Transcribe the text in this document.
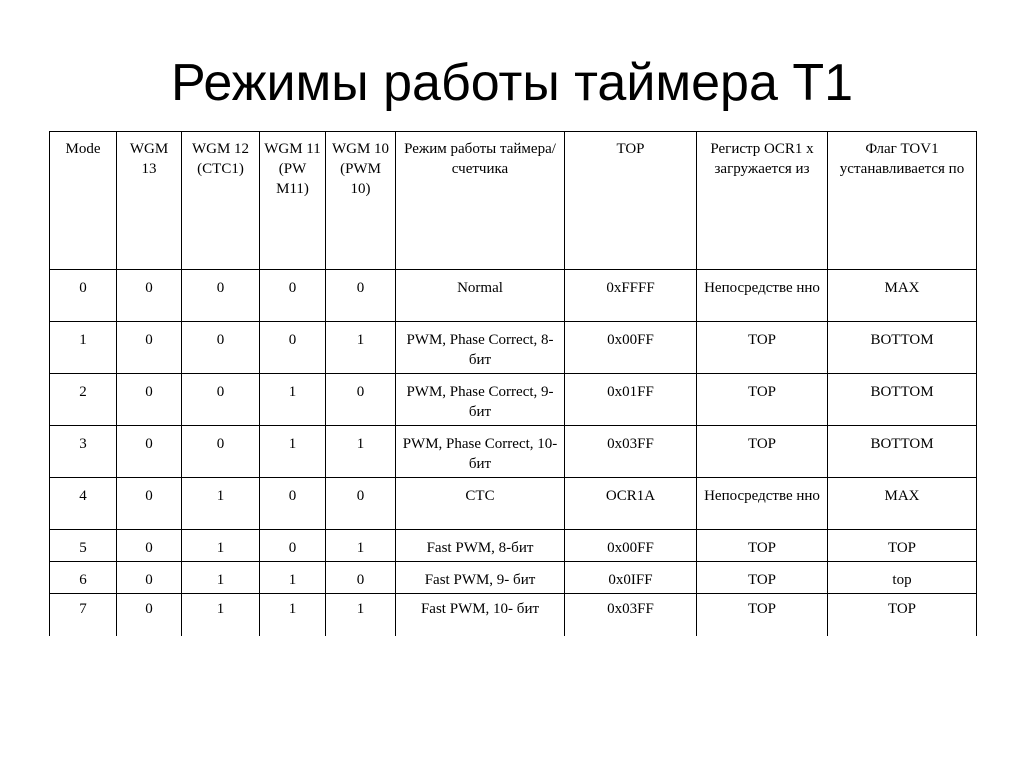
Режимы работы таймера Т1
Mode	WGM 13	WGM 12 (CTC1)	WGM 11 (PW M11)	WGM 10 (PWM 10)	Режим работы таймера/ счетчика	TOP	Регистр OCR1 x загружается из	Флаг TOV1 устанавливается по

0	0	0	0	0	Normal	0xFFFF	Непосредстве нно	MAX
1	0	0	0	1	PWM, Phase Correct, 8-бит	0x00FF	TOP	BOTTOM
2	0	0	1	0	PWM, Phase Correct, 9-бит	0x01FF	TOP	BOTTOM
3	0	0	1	1	PWM, Phase Correct, 10-бит	0x03FF	TOP	BOTTOM
4	0	1	0	0	CTC	OCR1A	Непосредстве нно	MAX
5	0	1	0	1	Fast PWM, 8-бит	0x00FF	TOP	TOP
6	0	1	1	0	Fast PWM, 9- бит	0x0IFF	TOP	top
7	0	1	1	1	Fast PWM, 10- бит	0x03FF	TOP	TOP
